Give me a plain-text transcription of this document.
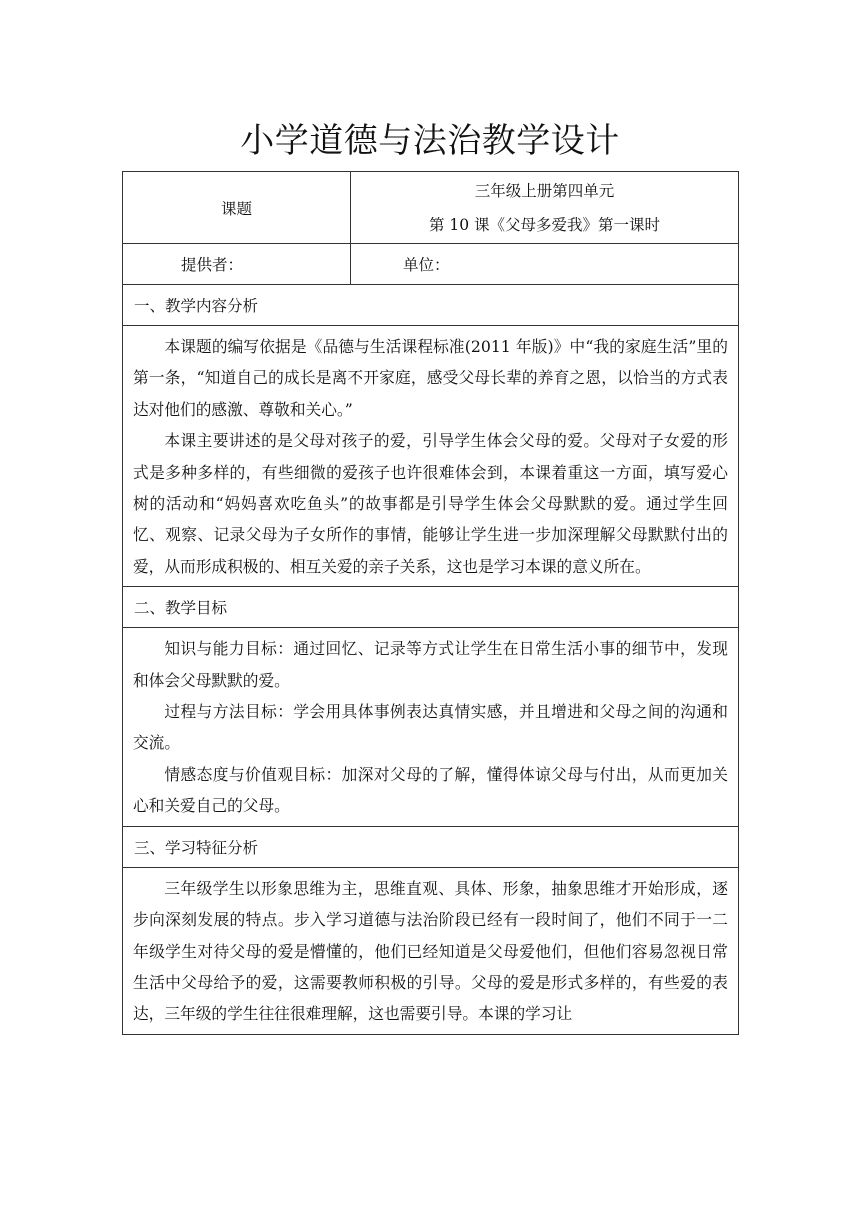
小学道德与法治教学设计
课题	三年级上册第四单元
第 10 课《父母多爱我》第一课时

提供者：	单位：
一、教学内容分析	

本课题的编写依据是《品德与生活课程标准(2011 年版)》中“我的家庭生活”里的第一条，“知道自己的成长是离不开家庭，感受父母长辈的养育之恩，以恰当的方式表达对他们的感激、尊敬和关心。”

本课主要讲述的是父母对孩子的爱，引导学生体会父母的爱。父母对子女爱的形式是多种多样的，有些细微的爱孩子也许很难体会到，本课着重这一方面，填写爱心树的活动和“妈妈喜欢吃鱼头”的故事都是引导学生体会父母默默的爱。通过学生回忆、观察、记录父母为子女所作的事情，能够让学生进一步加深理解父母默默付出的爱，从而形成积极的、相互关爱的亲子关系，这也是学习本课的意义所在。	

二、教学目标	

知识与能力目标：通过回忆、记录等方式让学生在日常生活小事的细节中，发现和体会父母默默的爱。

过程与方法目标：学会用具体事例表达真情实感，并且增进和父母之间的沟通和交流。

情感态度与价值观目标：加深对父母的了解，懂得体谅父母与付出，从而更加关心和关爱自己的父母。	

三、学习特征分析	

三年级学生以形象思维为主，思维直观、具体、形象，抽象思维才开始形成，逐步向深刻发展的特点。步入学习道德与法治阶段已经有一段时间了，他们不同于一二年级学生对待父母的爱是懵懂的，他们已经知道是父母爱他们，但他们容易忽视日常生活中父母给予的爱，这需要教师积极的引导。父母的爱是形式多样的，有些爱的表达，三年级的学生往往很难理解，这也需要引导。本课的学习让	
